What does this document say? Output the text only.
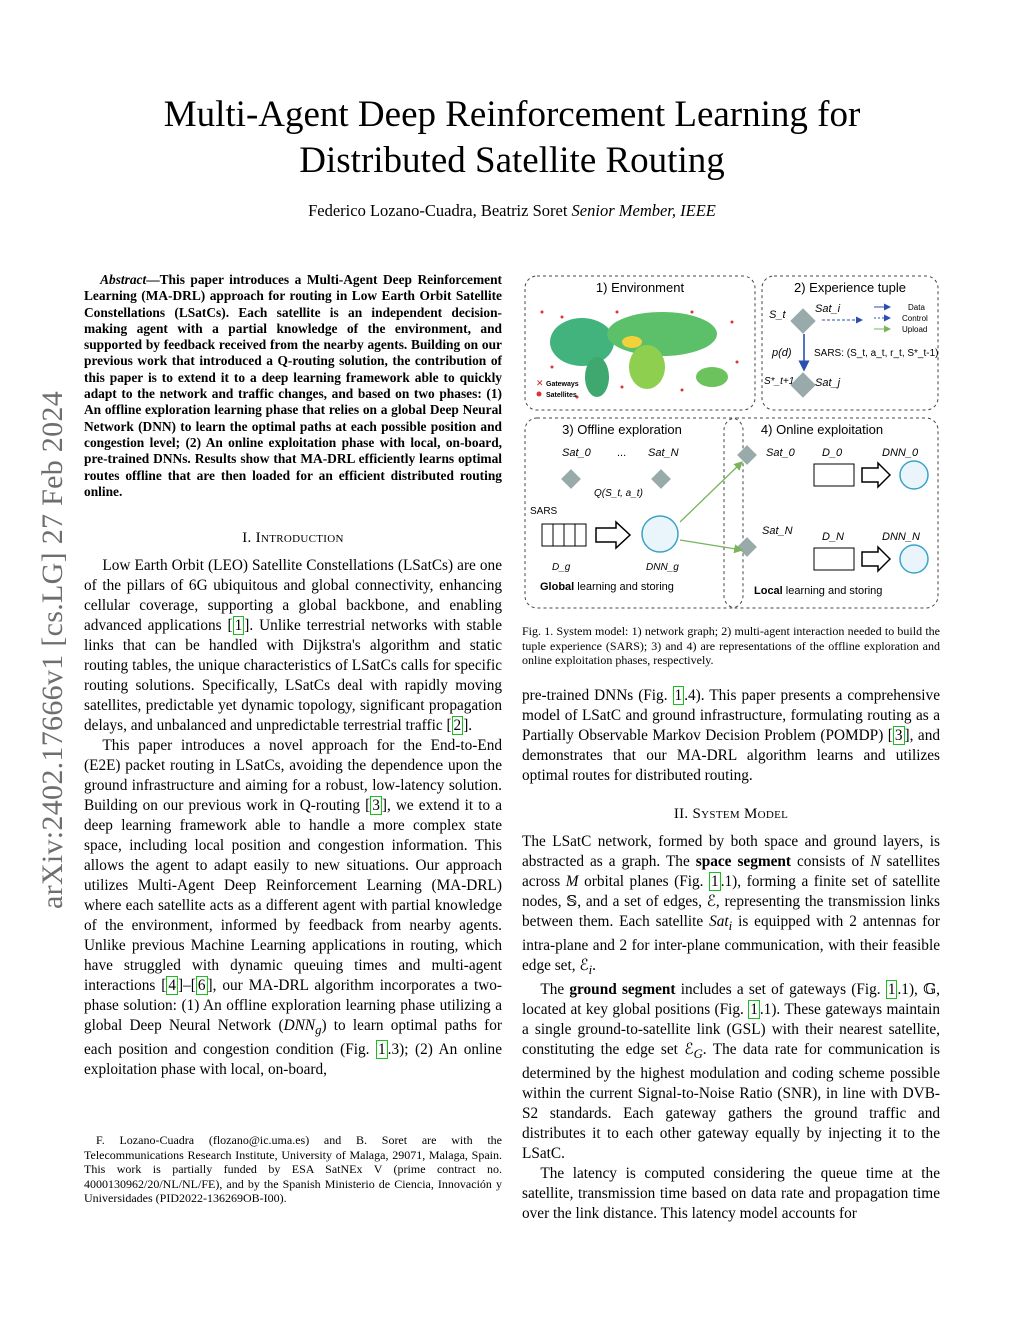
arXiv:2402.17666v1 [cs.LG] 27 Feb 2024
Multi-Agent Deep Reinforcement Learning for
Distributed Satellite Routing
Federico Lozano-Cuadra, Beatriz Soret Senior Member, IEEE

Abstract—This paper introduces a Multi-Agent Deep Reinforcement Learning (MA-DRL) approach for routing in Low Earth Orbit Satellite Constellations (LSatCs). Each satellite is an independent decision-making agent with a partial knowledge of the environment, and supported by feedback received from the nearby agents. Building on our previous work that introduced a Q-routing solution, the contribution of this paper is to extend it to a deep learning framework able to quickly adapt to the network and traffic changes, and based on two phases: (1) An offline exploration learning phase that relies on a global Deep Neural Network (DNN) to learn the optimal paths at each possible position and congestion level; (2) An online exploitation phase with local, on-board, pre-trained DNNs. Results show that MA-DRL efficiently learns optimal routes offline that are then loaded for an efficient distributed routing online.

I. Introduction

Low Earth Orbit (LEO) Satellite Constellations (LSatCs) are one of the pillars of 6G ubiquitous and global connectivity, enhancing cellular coverage, supporting a global backbone, and enabling advanced applications [ 1 ]. Unlike terrestrial networks with stable links that can be handled with Dijkstra's algorithm and static routing tables, the unique characteristics of LSatCs calls for specific routing solutions. Specifically, LSatCs deal with rapidly moving satellites, predictable yet dynamic topology, significant propagation delays, and unbalanced and unpredictable terrestrial traffic [ 2 ].

This paper introduces a novel approach for the End-to-End (E2E) packet routing in LSatCs, avoiding the dependence upon the ground infrastructure and aiming for a robust, low-latency solution. Building on our previous work in Q-routing [ 3 ], we extend it to a deep learning framework able to handle a more complex state space, including local position and congestion information. This allows the agent to adapt easily to new situations. Our approach utilizes Multi-Agent Deep Reinforcement Learning (MA-DRL) where each satellite acts as a different agent with partial knowledge of the environment, informed by feedback from nearby agents. Unlike previous Machine Learning applications in routing, which have struggled with dynamic queuing times and multi-agent interactions [ 4 ]–[ 6 ], our MA-DRL algorithm incorporates a two-phase solution: (1) An offline exploration learning phase utilizing a global Deep Neural Network $(DNN_g)$ to learn optimal paths for each position and congestion condition (Fig. 1 .3); (2) An online exploitation phase with local, on-board,

F. Lozano-Cuadra (flozano@ic.uma.es) and B. Soret are with the Telecommunications Research Institute, University of Malaga, 29071, Malaga, Spain. This work is partially funded by ESA SatNEx V (prime contract no. 4000130962/20/NL/NL/FE), and by the Spanish Ministerio de Ciencia, Innovación y Universidades (PID2022-136269OB-I00).

1) Environment
✕ Gateways
Satellites
2) Experience tuple
S_t	Sat_i
p(d)
S*_t+1 Sat_j
SARS: (S_t, a_t, r_t, S*_t-1)
Data
Control
Upload
3) Offline exploration
Sat_0 ... Sat_N
Q(S_t, a_t)
SARS
D_g	DNN_g
Global learning and storing
4) Online exploitation
Sat_0 D_0	DNN_0
Sat_N	D_N	DNN_N
Local learning and storing
Fig. 1. System model: 1) network graph; 2) multi-agent interaction needed to build the tuple experience (SARS); 3) and 4) are representations of the offline exploration and online exploitation phases, respectively.

pre-trained DNNs (Fig. 1 .4). This paper presents a comprehensive model of LSatC and ground infrastructure, formulating routing as a Partially Observable Markov Decision Problem (POMDP) [ 3 ], and demonstrates that our MA-DRL algorithm learns and utilizes optimal routes for distributed routing.

II. System Model

The LSatC network, formed by both space and ground layers, is abstracted as a graph. The space segment consists of N satellites across M orbital planes (Fig. 1 .1), forming a finite set of satellite nodes, 𝕊, and a set of edges, ℰ, representing the transmission links between them. Each satellite Sat$_i$ is equipped with 2 antennas for intra-plane and 2 for inter-plane communication, with their feasible edge set, ℰ$_i$.

The ground segment includes a set of gateways (Fig. 1 .1), 𝔾, located at key global positions (Fig. 1 .1). These gateways maintain a single ground-to-satellite link (GSL) with their nearest satellite, constituting the edge set ℰ$_G$. The data rate for communication is determined by the highest modulation and coding scheme possible within the current Signal-to-Noise Ratio (SNR), in line with DVB-S2 standards. Each gateway gathers the ground traffic and distributes it to each other gateway equally by injecting it to the LSatC.

The latency is computed considering the queue time at the satellite, transmission time based on data rate and propagation time over the link distance. This latency model accounts for
